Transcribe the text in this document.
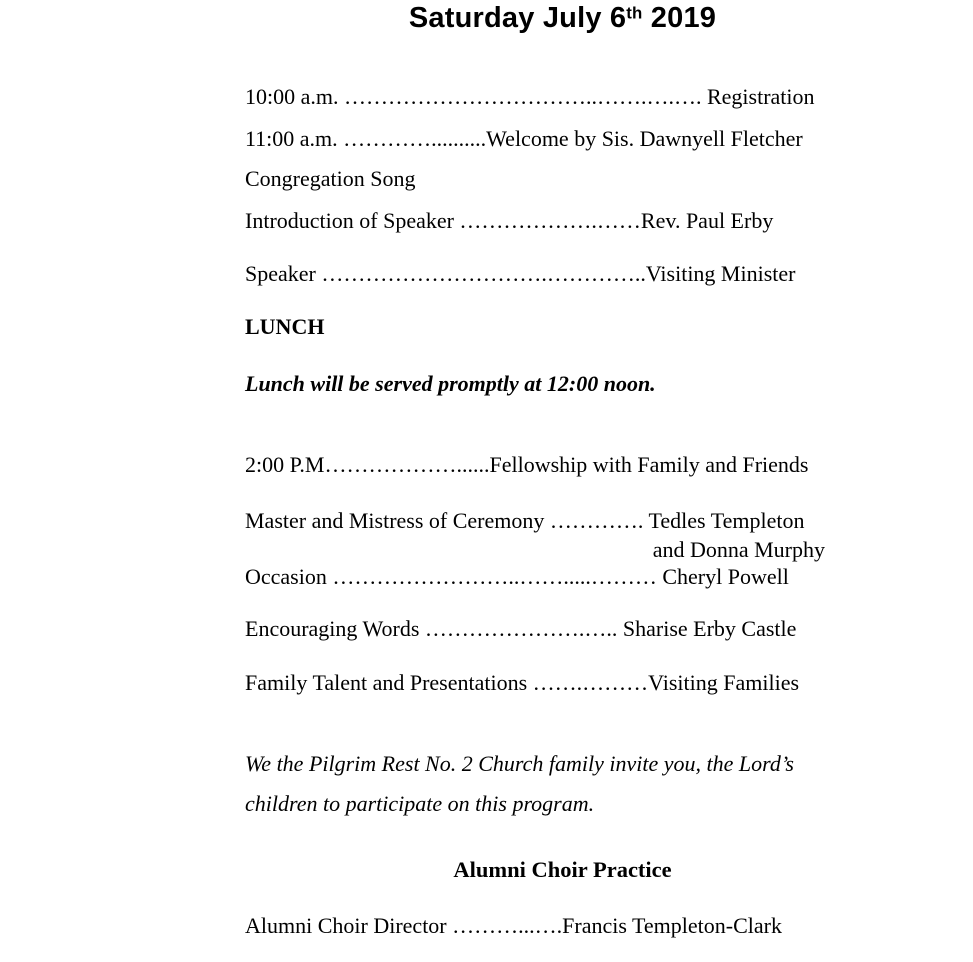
Saturday July 6th 2019

10:00 a.m. ……………………………..…….….…. Registration

11:00 a.m. …………..........Welcome by Sis. Dawnyell Fletcher

Congregation Song

Introduction of Speaker ……………….……Rev. Paul Erby

Speaker ………………………….…………..Visiting Minister

LUNCH

Lunch will be served promptly at 12:00 noon.

2:00 P.M………………......Fellowship with Family and Friends

Master and Mistress of Ceremony …………. Tedles Templeton
and Donna Murphy

Occasion ……………………..…….....……… Cheryl Powell

Encouraging Words ………………….….. Sharise Erby Castle

Family Talent and Presentations …….………Visiting Families

We the Pilgrim Rest No. 2 Church family invite you, the Lord’s children to participate on this program.

Alumni Choir Practice

Alumni Choir Director ………...….Francis Templeton-Clark
